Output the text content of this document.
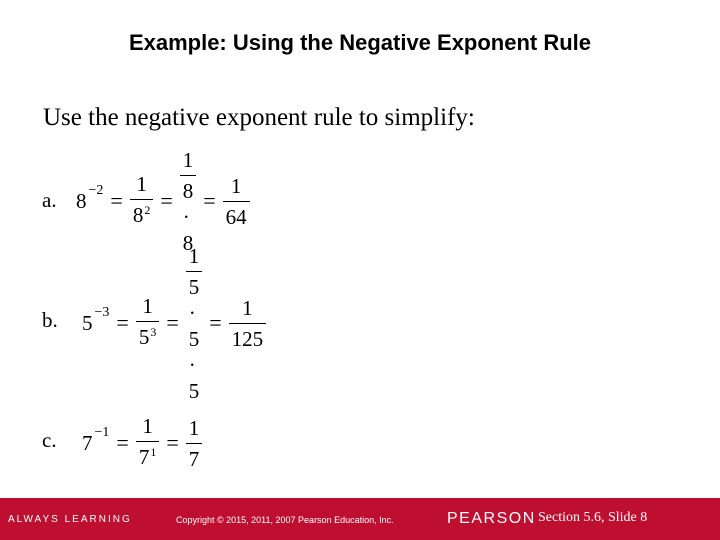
Example: Using the Negative Exponent Rule
Use the negative exponent rule to simplify:
a. $8 -2 = \frac{1}{8^2} = \frac{1}{8 \cdot 8} = \frac{1}{64}$
b. $5 -3 = \frac{1}{5^3} = \frac{1}{5 \cdot 5 \cdot 5} = \frac{1}{125}$
c. $7 -1 = \frac{1}{7^1} = \frac{1}{7}$
ALWAYS LEARNING	Copyright © 2015, 2011, 2007 Pearson Education, Inc.	PEARSON Section 5.6, Slide 8
